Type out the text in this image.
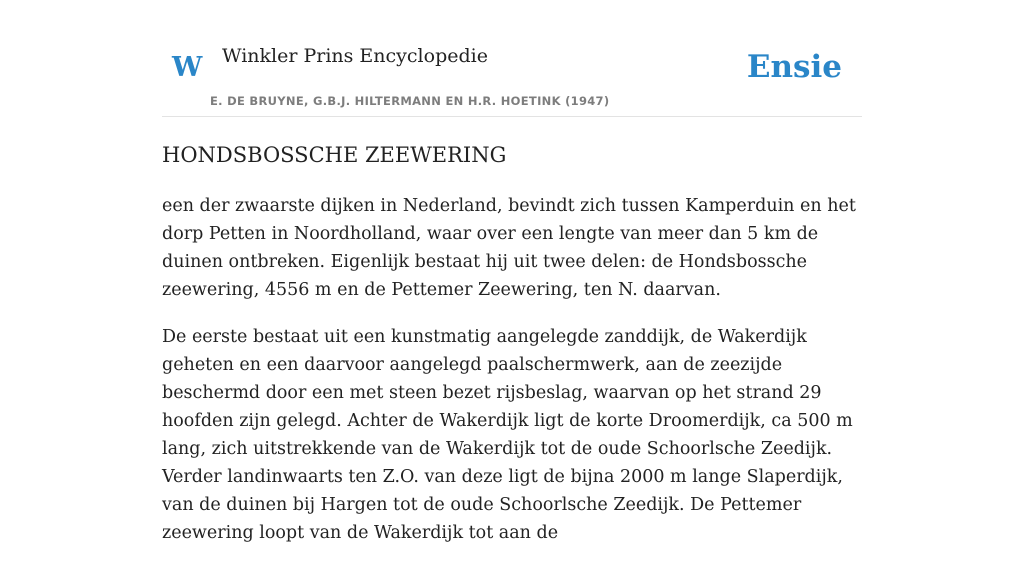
W Winkler Prins Encyclopedie
E. DE BRUYNE, G.B.J. HILTERMANN EN H.R. HOETINK (1947)
Ensie
HONDSBOSSCHE ZEEWERING

een der zwaarste dijken in Nederland, bevindt zich tussen Kamperduin en het dorp Petten in Noordholland, waar over een lengte van meer dan 5 km de duinen ontbreken. Eigenlijk bestaat hij uit twee delen: de Hondsbossche zeewering, 4556 m en de Pettemer Zeewering, ten N. daarvan.

De eerste bestaat uit een kunstmatig aangelegde zanddijk, de Wakerdijk geheten en een daarvoor aangelegd paalschermwerk, aan de zeezijde beschermd door een met steen bezet rijsbeslag, waarvan op het strand 29 hoofden zijn gelegd. Achter de Wakerdijk ligt de korte Droomerdijk, ca 500 m lang, zich uitstrekkende van de Wakerdijk tot de oude Schoorlsche Zeedijk. Verder landinwaarts ten Z.O. van deze ligt de bijna 2000 m lange Slaperdijk, van de duinen bij Hargen tot de oude Schoorlsche Zeedijk. De Pettemer zeewering loopt van de Wakerdijk tot aan de
